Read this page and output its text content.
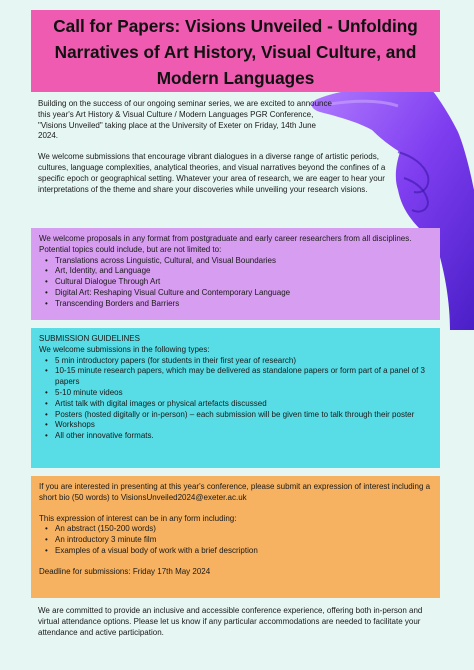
Call for Papers: Visions Unveiled - Unfolding Narratives of Art History, Visual Culture, and Modern Languages

Building on the success of our ongoing seminar series, we are excited to announce this year's Art History & Visual Culture / Modern Languages PGR Conference, "Visions Unveiled" taking place at the University of Exeter on Friday, 14th June 2024.

We welcome submissions that encourage vibrant dialogues in a diverse range of artistic periods, cultures, language complexities, analytical theories, and visual narratives beyond the confines of a specific epoch or geographical setting. Whatever your area of research, we are eager to hear your interpretations of the theme and share your discoveries while unveiling your research visions.

We welcome proposals in any format from postgraduate and early career researchers from all disciplines. Potential topics could include, but are not limited to:

• Translations across Linguistic, Cultural, and Visual Boundaries
• Art, Identity, and Language
• Cultural Dialogue Through Art
• Digital Art: Reshaping Visual Culture and Contemporary Language
• Transcending Borders and Barriers

SUBMISSION GUIDELINES

We welcome submissions in the following types:

• 5 min introductory papers (for students in their first year of research)
• 10-15 minute research papers, which may be delivered as standalone papers or form part of a panel of 3 papers
• 5-10 minute videos
• Artist talk with digital images or physical artefacts discussed
• Posters (hosted digitally or in-person) – each submission will be given time to talk through their poster
• Workshops
• All other innovative formats.

If you are interested in presenting at this year's conference, please submit an expression of interest including a short bio (50 words) to VisionsUnveiled2024@exeter.ac.uk

This expression of interest can be in any form including:

• An abstract (150-200 words)
• An introductory 3 minute film
• Examples of a visual body of work with a brief description

Deadline for submissions: Friday 17th May 2024

We are committed to provide an inclusive and accessible conference experience, offering both in-person and virtual attendance options. Please let us know if any particular accommodations are needed to facilitate your attendance and active participation.
